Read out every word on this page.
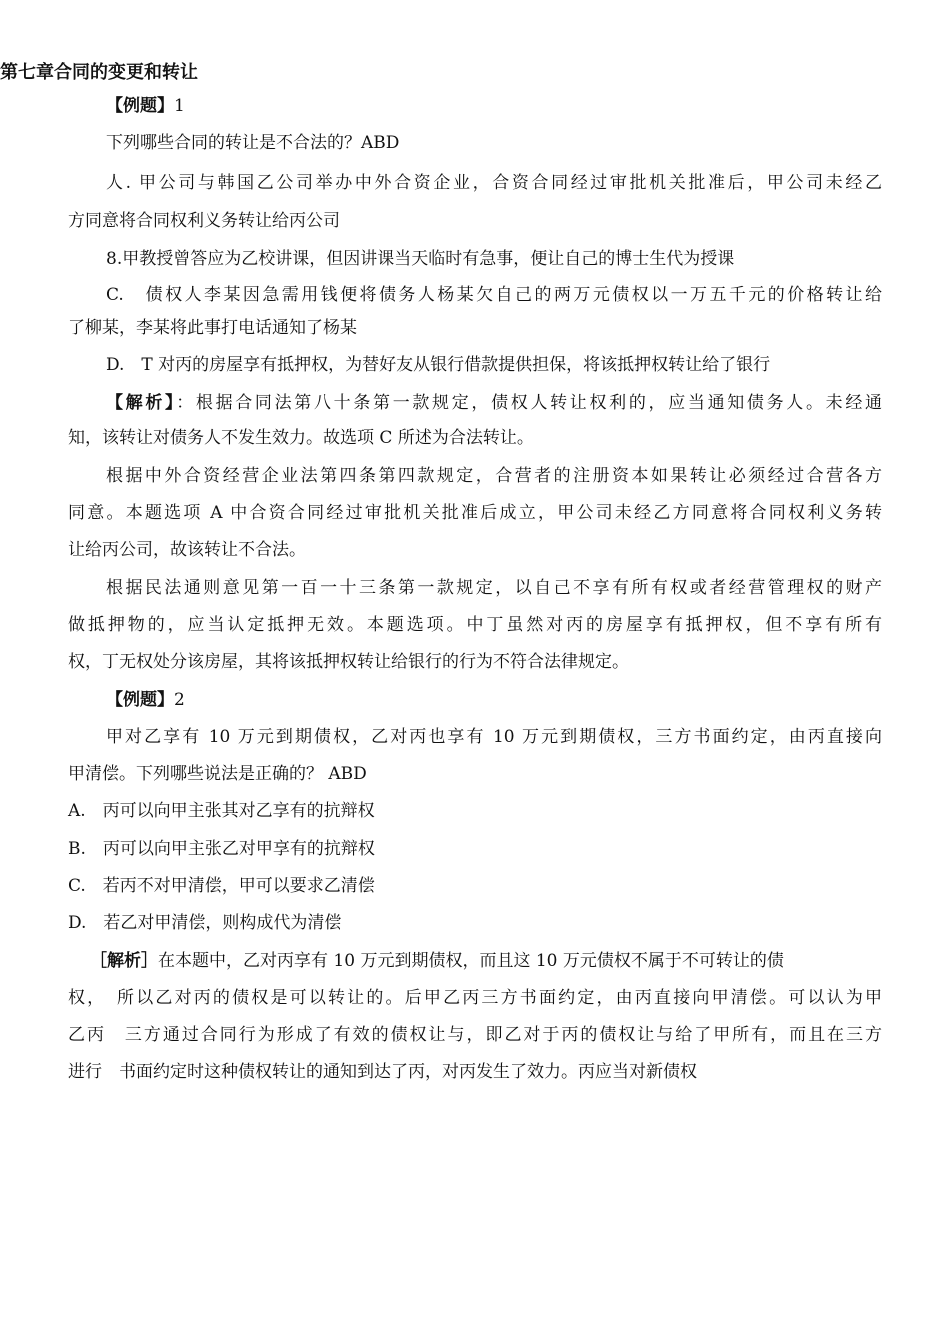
第七章合同的变更和转让
【例题】1
下列哪些合同的转让是不合法的？ABD
人. 甲公司与韩国乙公司举办中外合资企业，合资合同经过审批机关批准后，甲公司未经乙
方同意将合同权利义务转让给丙公司
8.甲教授曾答应为乙校讲课，但因讲课当天临时有急事，便让自己的博士生代为授课
C.　债权人李某因急需用钱便将债务人杨某欠自己的两万元债权以一万五千元的价格转让给
了柳某，李某将此事打电话通知了杨某
D.　T 对丙的房屋享有抵押权，为替好友从银行借款提供担保，将该抵押权转让给了银行
【解析】：根据合同法第八十条第一款规定，债权人转让权利的，应当通知债务人。未经通
知，该转让对债务人不发生效力。故选项 C 所述为合法转让。
根据中外合资经营企业法第四条第四款规定，合营者的注册资本如果转让必须经过合营各方
同意。本题选项 A 中合资合同经过审批机关批准后成立，甲公司未经乙方同意将合同权利义务转
让给丙公司，故该转让不合法。
根据民法通则意见第一百一十三条第一款规定，以自己不享有所有权或者经营管理权的财产
做抵押物的，应当认定抵押无效。本题选项。中丁虽然对丙的房屋享有抵押权，但不享有所有
权，丁无权处分该房屋，其将该抵押权转让给银行的行为不符合法律规定。
【例题】2
甲对乙享有 10 万元到期债权，乙对丙也享有 10 万元到期债权，三方书面约定，由丙直接向
甲清偿。下列哪些说法是正确的？ ABD
A.　丙可以向甲主张其对乙享有的抗辩权
B.　丙可以向甲主张乙对甲享有的抗辩权
C.　若丙不对甲清偿，甲可以要求乙清偿
D.　若乙对甲清偿，则构成代为清偿
［解析］在本题中，乙对丙享有 10 万元到期债权，而且这 10 万元债权不属于不可转让的债
权，　所以乙对丙的债权是可以转让的。后甲乙丙三方书面约定，由丙直接向甲清偿。可以认为甲
乙丙　三方通过合同行为形成了有效的债权让与，即乙对于丙的债权让与给了甲所有，而且在三方
进行　书面约定时这种债权转让的通知到达了丙，对丙发生了效力。丙应当对新债权
